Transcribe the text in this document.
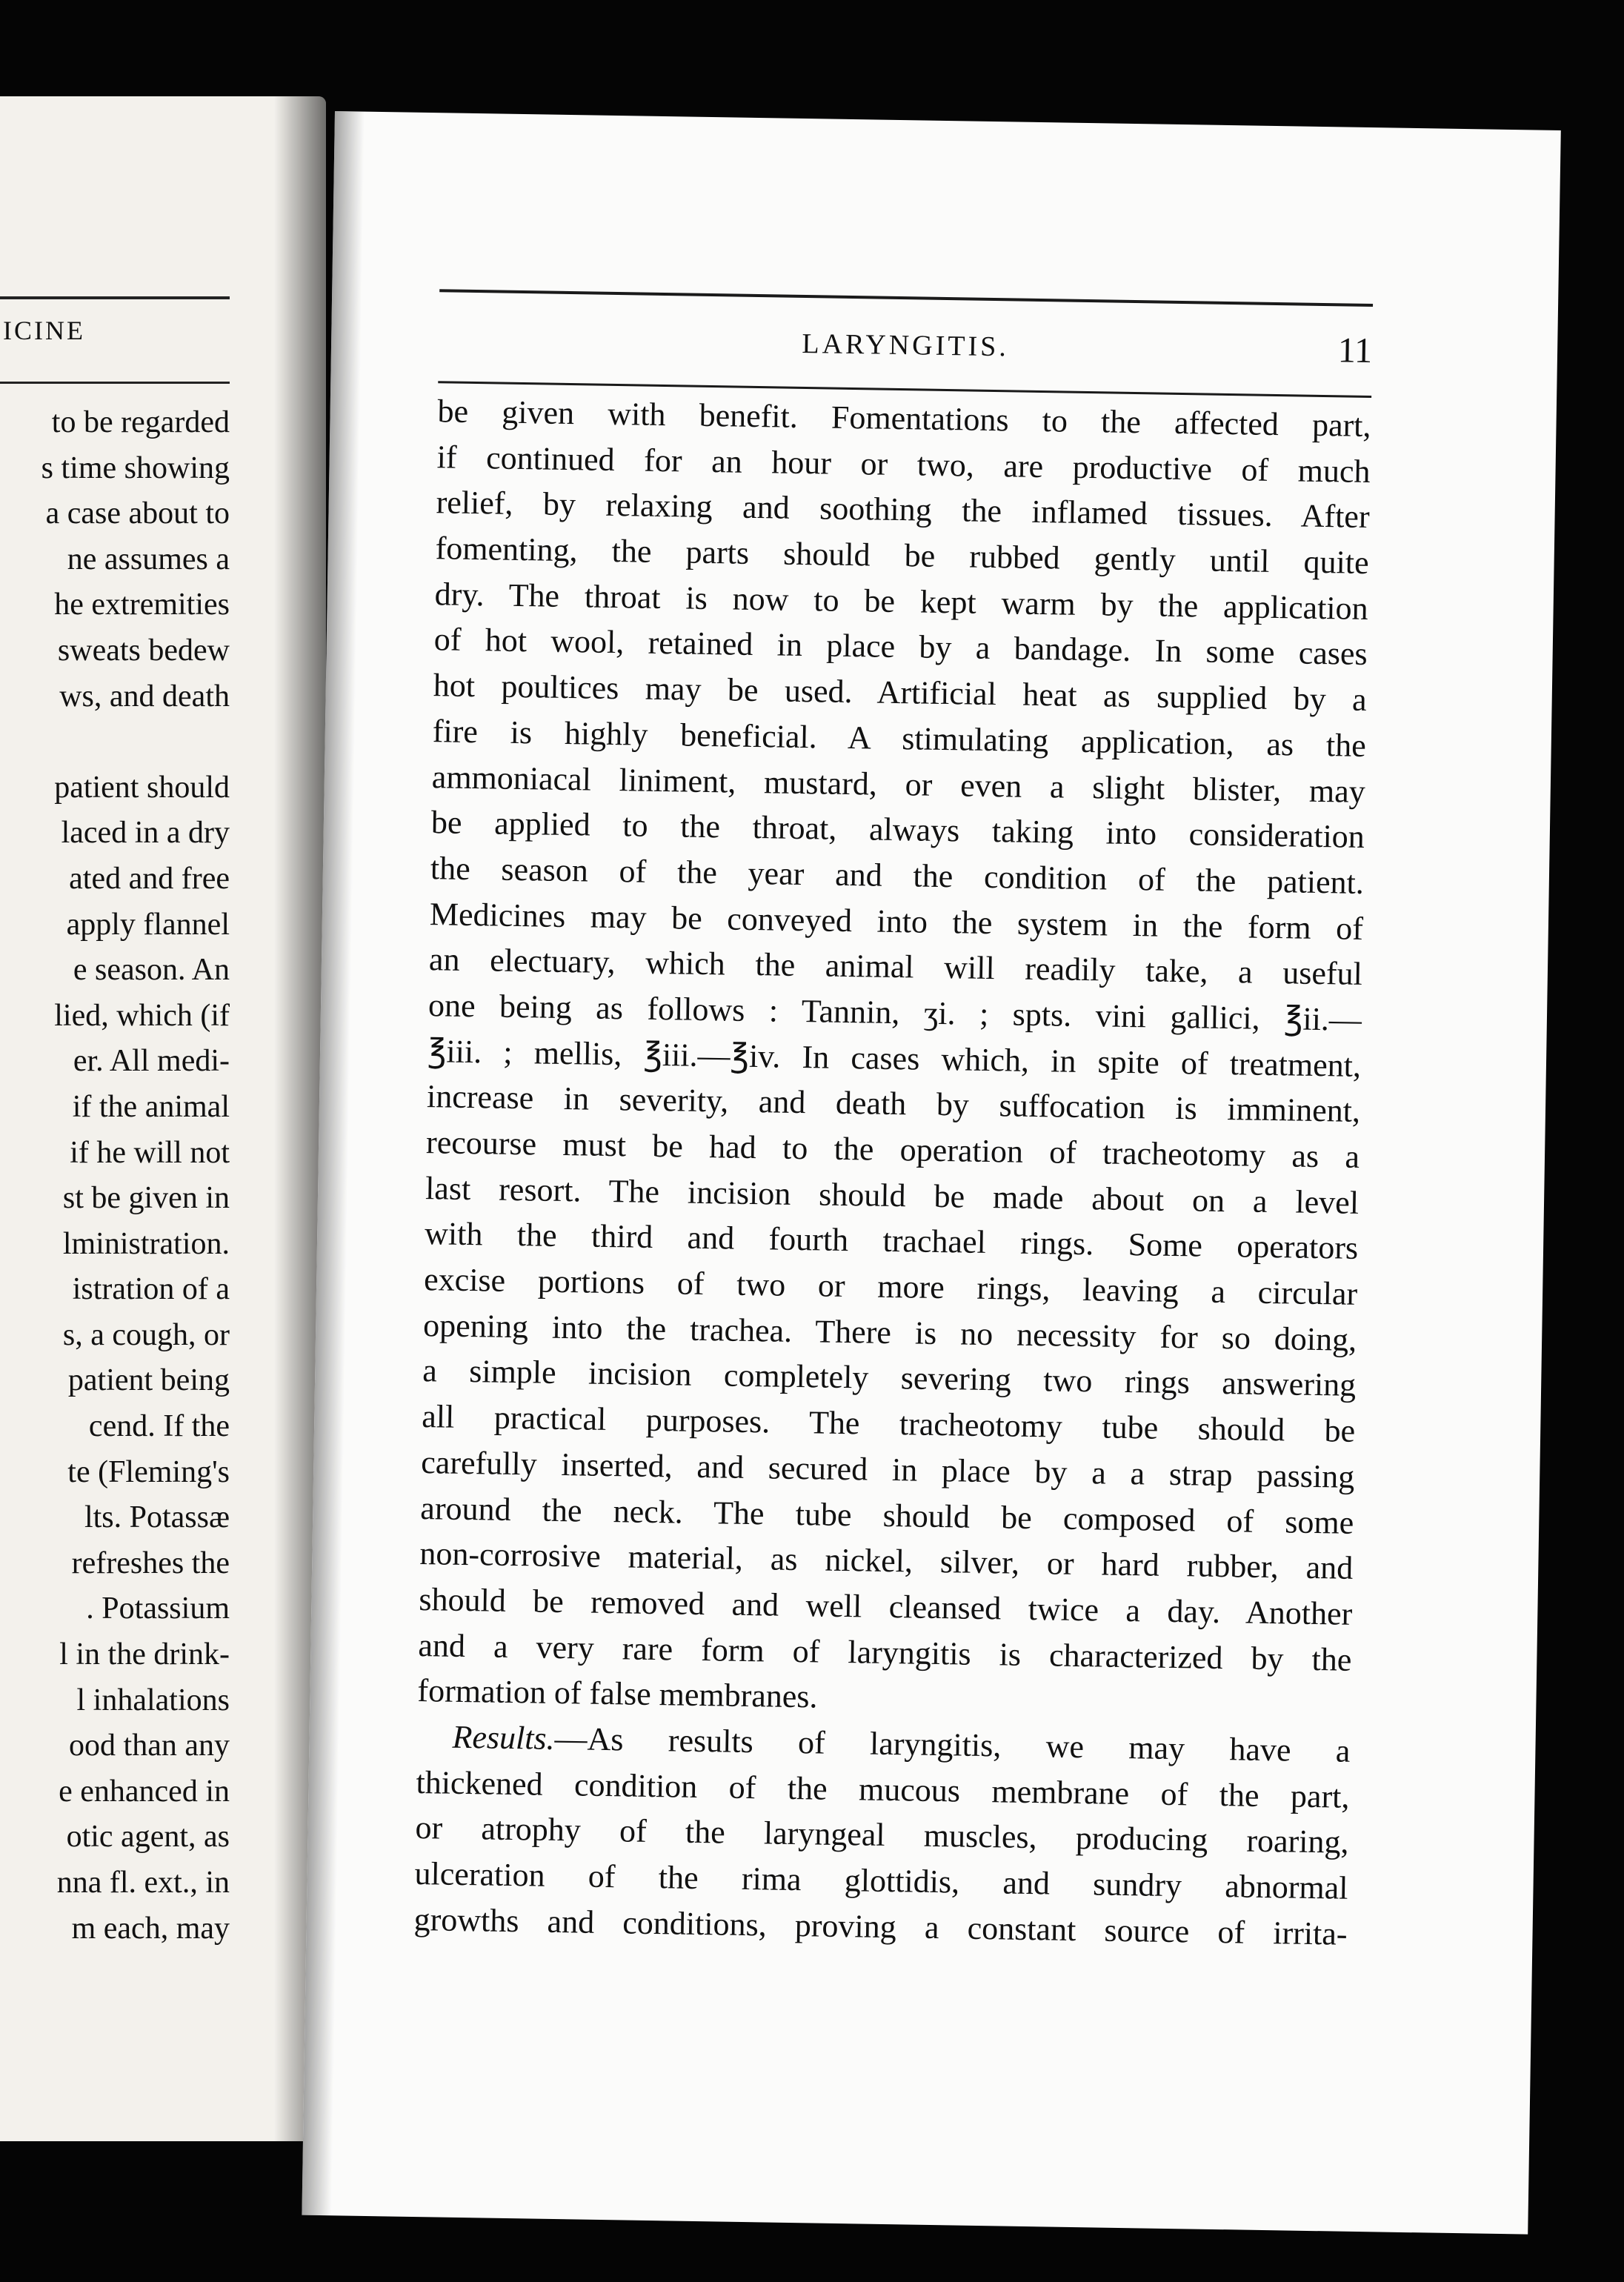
ICINE
to be regarded
s time showing
a case about to
ne assumes a
he extremities
sweats bedew
ws, and death
patient should
laced in a dry
ated and free
apply flannel
e season. An
lied, which (if
er. All medi-
if the animal
if he will not
st be given in
lministration.
istration of a
s, a cough, or
patient being
cend. If the
te (Fleming's
lts. Potassæ
refreshes the
. Potassium
l in the drink-
l inhalations
ood than any
e enhanced in
otic agent, as
nna fl. ext., in
m each, may
LARYNGITIS.	11
be given with benefit. Fomentations to the affected part,
if continued for an hour or two, are productive of much
relief, by relaxing and soothing the inflamed tissues. After
fomenting, the parts should be rubbed gently until quite
dry. The throat is now to be kept warm by the application
of hot wool, retained in place by a bandage. In some cases
hot poultices may be used. Artificial heat as supplied by a
fire is highly beneficial. A stimulating application, as the
ammoniacal liniment, mustard, or even a slight blister, may
be applied to the throat, always taking into consideration
the season of the year and the condition of the patient.
Medicines may be conveyed into the system in the form of
an electuary, which the animal will readily take, a useful
one being as follows : Tannin, ʒi. ; spts. vini gallici, ℥ii.—
℥iii. ; mellis, ℥iii.—℥iv. In cases which, in spite of treatment,
increase in severity, and death by suffocation is imminent,
recourse must be had to the operation of tracheotomy as a
last resort. The incision should be made about on a level
with the third and fourth trachael rings. Some operators
excise portions of two or more rings, leaving a circular
opening into the trachea. There is no necessity for so doing,
a simple incision completely severing two rings answering
all practical purposes. The tracheotomy tube should be
carefully inserted, and secured in place by a a strap passing
around the neck. The tube should be composed of some
non-corrosive material, as nickel, silver, or hard rubber, and
should be removed and well cleansed twice a day. Another
and a very rare form of laryngitis is characterized by the
formation of false membranes.
Results.—As results of laryngitis, we may have a
thickened condition of the mucous membrane of the part,
or atrophy of the laryngeal muscles, producing roaring,
ulceration of the rima glottidis, and sundry abnormal
growths and conditions, proving a constant source of irrita-
